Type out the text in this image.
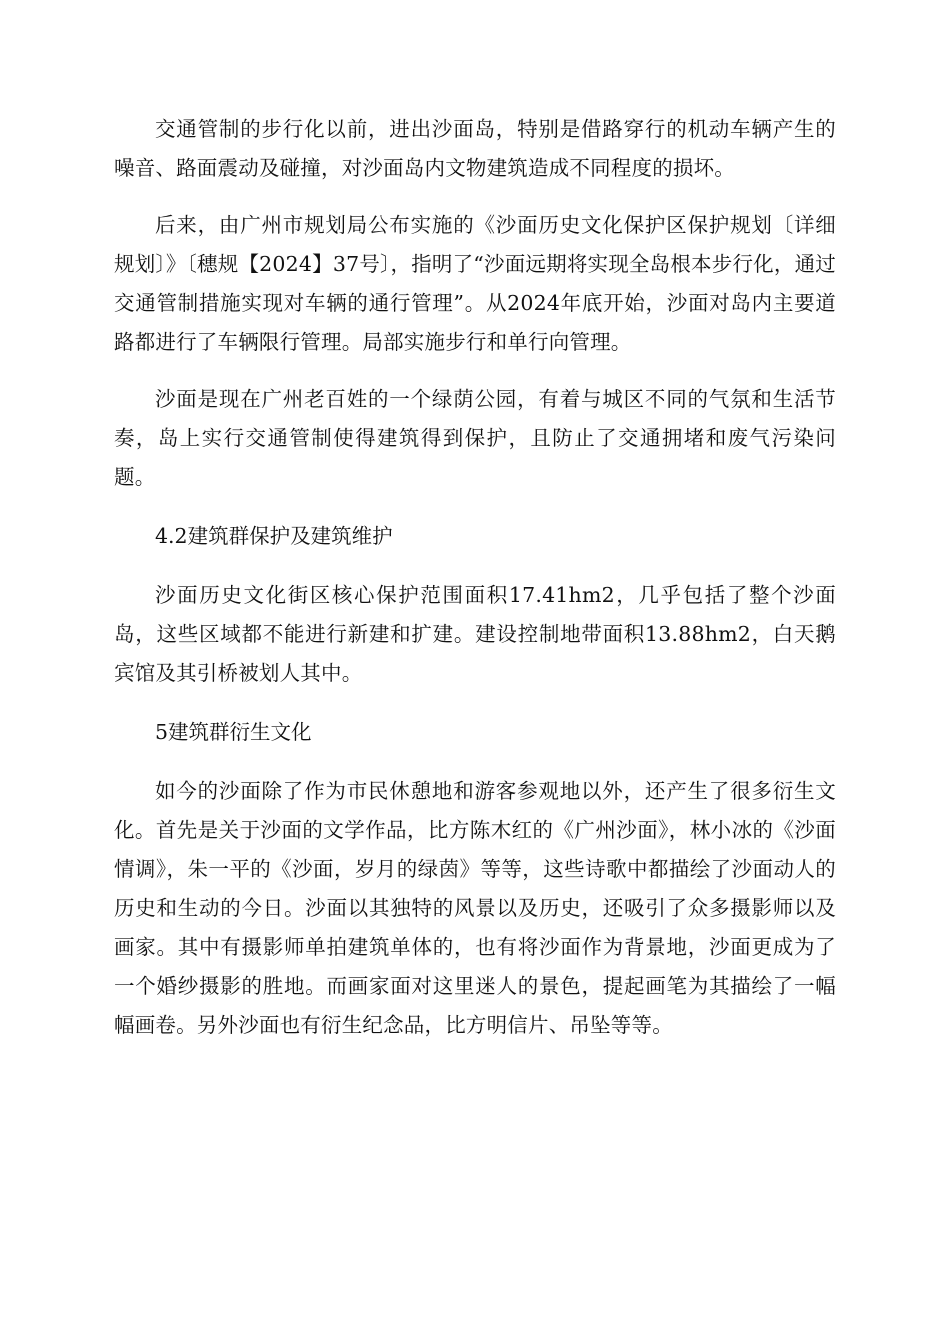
交通管制的步行化以前，进出沙面岛，特别是借路穿行的机动车辆产生的噪音、路面震动及碰撞，对沙面岛内文物建筑造成不同程度的损坏。

后来，由广州市规划局公布实施的《沙面历史文化保护区保护规划〔详细规划〕》〔穗规【2024】37号〕，指明了“沙面远期将实现全岛根本步行化，通过交通管制措施实现对车辆的通行管理”。从2024年底开始，沙面对岛内主要道路都进行了车辆限行管理。局部实施步行和单行向管理。

沙面是现在广州老百姓的一个绿荫公园，有着与城区不同的气氛和生活节奏，岛上实行交通管制使得建筑得到保护，且防止了交通拥堵和废气污染问题。

4.2建筑群保护及建筑维护

沙面历史文化街区核心保护范围面积17.41hm2，几乎包括了整个沙面岛，这些区域都不能进行新建和扩建。建设控制地带面积13.88hm2，白天鹅宾馆及其引桥被划人其中。

5建筑群衍生文化

如今的沙面除了作为市民休憩地和游客参观地以外，还产生了很多衍生文化。首先是关于沙面的文学作品，比方陈木红的《广州沙面》，林小冰的《沙面情调》，朱一平的《沙面，岁月的绿茵》等等，这些诗歌中都描绘了沙面动人的历史和生动的今日。沙面以其独特的风景以及历史，还吸引了众多摄影师以及画家。其中有摄影师单拍建筑单体的，也有将沙面作为背景地，沙面更成为了一个婚纱摄影的胜地。而画家面对这里迷人的景色，提起画笔为其描绘了一幅幅画卷。另外沙面也有衍生纪念品，比方明信片、吊坠等等。
